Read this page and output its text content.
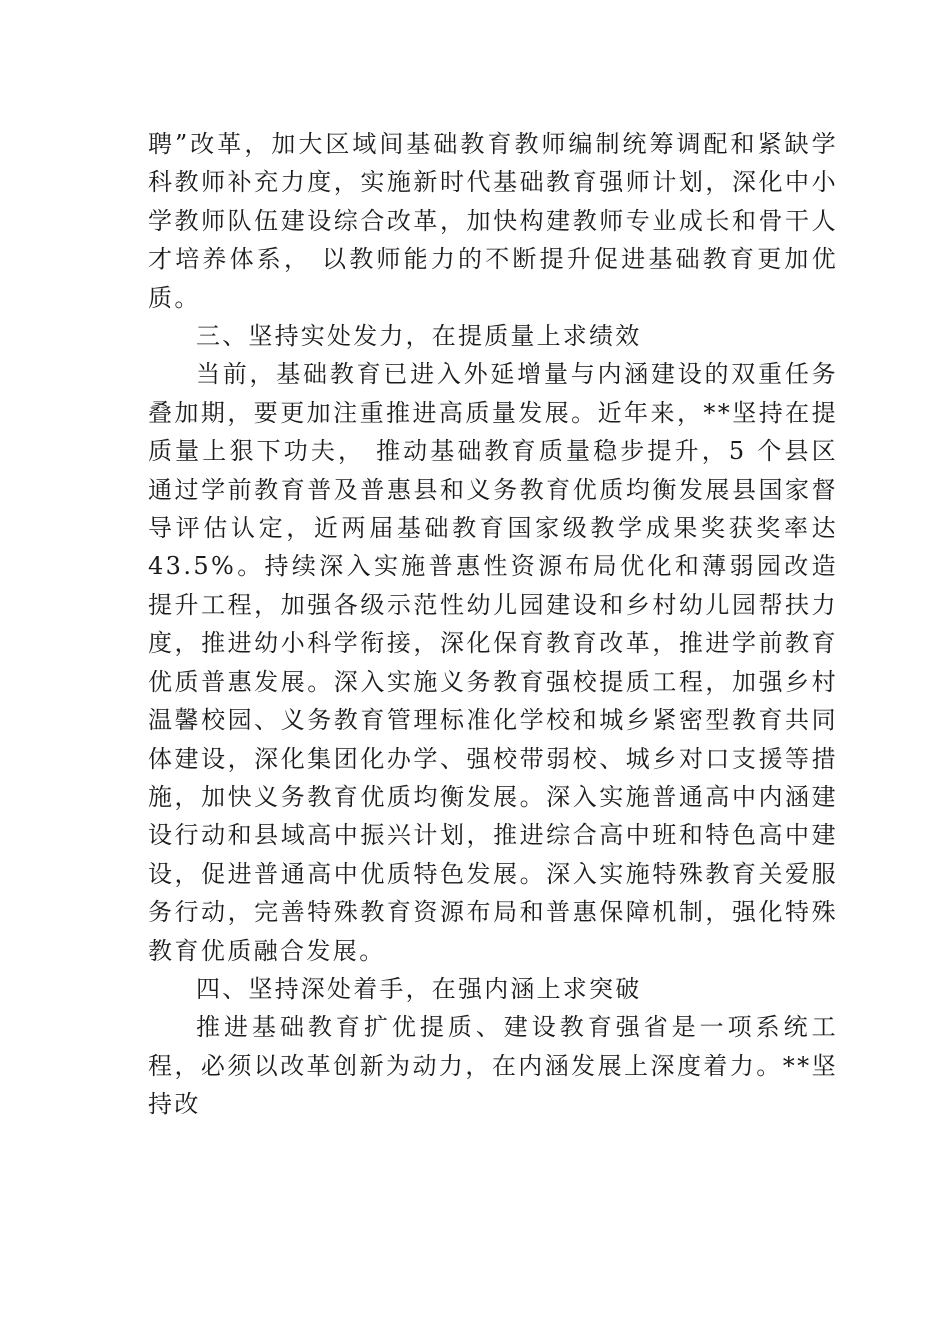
聘”改革，加大区域间基础教育教师编制统筹调配和紧缺学科教师补充力度，实施新时代基础教育强师计划，深化中小学教师队伍建设综合改革，加快构建教师专业成长和骨干人才培养体系， 以教师能力的不断提升促进基础教育更加优质。

三、坚持实处发力，在提质量上求绩效

当前，基础教育已进入外延增量与内涵建设的双重任务叠加期，要更加注重推进高质量发展。近年来，**坚持在提质量上狠下功夫， 推动基础教育质量稳步提升，5 个县区通过学前教育普及普惠县和义务教育优质均衡发展县国家督导评估认定，近两届基础教育国家级教学成果奖获奖率达43.5%。持续深入实施普惠性资源布局优化和薄弱园改造提升工程，加强各级示范性幼儿园建设和乡村幼儿园帮扶力度，推进幼小科学衔接，深化保育教育改革，推进学前教育优质普惠发展。深入实施义务教育强校提质工程，加强乡村温馨校园、义务教育管理标准化学校和城乡紧密型教育共同体建设，深化集团化办学、强校带弱校、城乡对口支援等措施，加快义务教育优质均衡发展。深入实施普通高中内涵建设行动和县域高中振兴计划，推进综合高中班和特色高中建设，促进普通高中优质特色发展。深入实施特殊教育关爱服务行动，完善特殊教育资源布局和普惠保障机制，强化特殊教育优质融合发展。

四、坚持深处着手，在强内涵上求突破

推进基础教育扩优提质、建设教育强省是一项系统工程，必须以改革创新为动力，在内涵发展上深度着力。**坚持改
